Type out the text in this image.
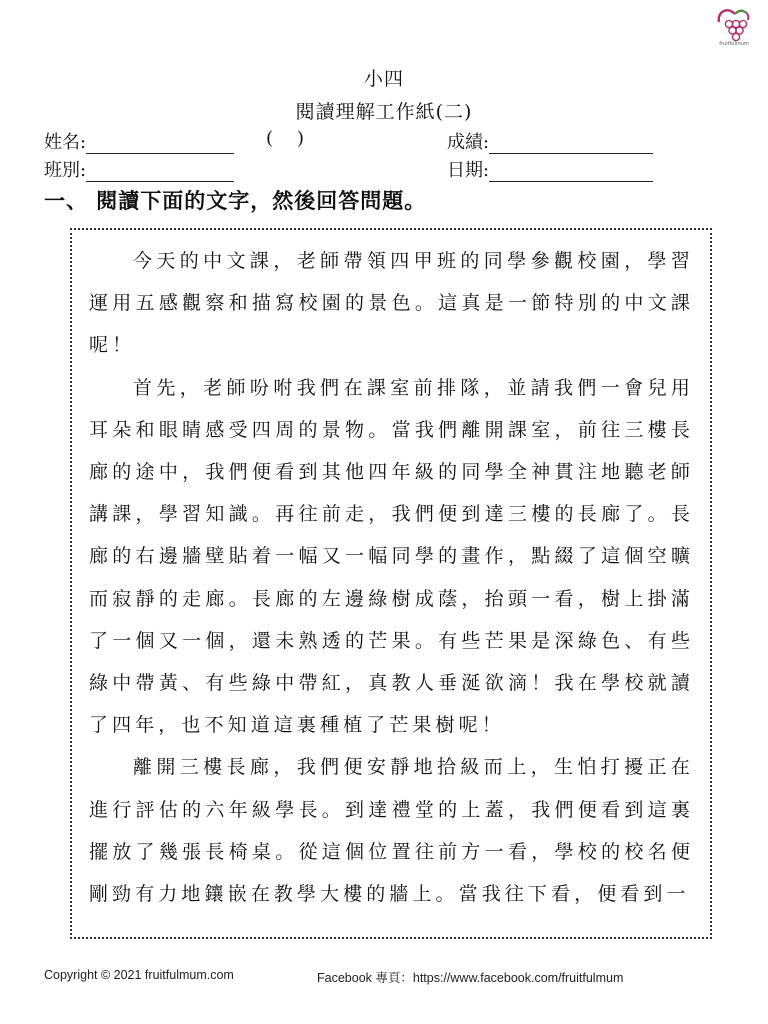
fruitfulmum
小四
閱讀理解工作紙(二)
姓名:	( )	成績:
班別:	日期:
一、 閱讀下面的文字，然後回答問題。

今天的中文課，老師帶領四甲班的同學參觀校園，學習運用五感觀察和描寫校園的景色。這真是一節特別的中文課呢！

首先，老師吩咐我們在課室前排隊，並請我們一會兒用耳朵和眼睛感受四周的景物。當我們離開課室，前往三樓長廊的途中，我們便看到其他四年級的同學全神貫注地聽老師講課，學習知識。再往前走，我們便到達三樓的長廊了。長廊的右邊牆壁貼着一幅又一幅同學的畫作，點綴了這個空曠而寂靜的走廊。長廊的左邊綠樹成蔭，抬頭一看，樹上掛滿了一個又一個，還未熟透的芒果。有些芒果是深綠色、有些綠中帶黃、有些綠中帶紅，真教人垂涎欲滴！我在學校就讀了四年，也不知道這裏種植了芒果樹呢！

離開三樓長廊，我們便安靜地拾級而上，生怕打擾正在進行評估的六年級學長。到達禮堂的上蓋，我們便看到這裏擺放了幾張長椅桌。從這個位置往前方一看，學校的校名便剛勁有力地鑲嵌在教學大樓的牆上。當我往下看，便看到一

Copyright © 2021 fruitfulmum.com	Facebook 專頁：https://www.facebook.com/fruitfulmum
